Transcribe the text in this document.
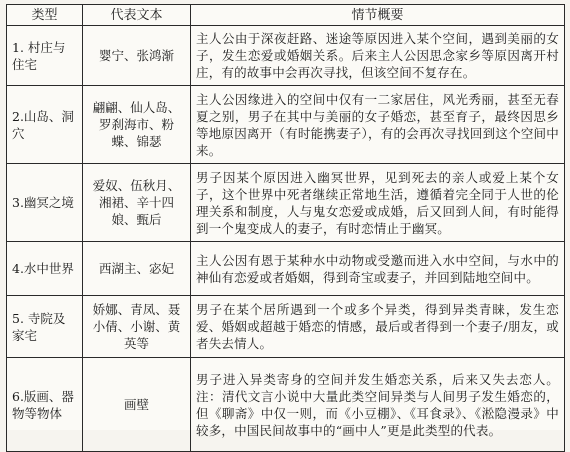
类型	代表文本	情节概要
1. 村庄与住宅	婴宁、张鸿渐	主人公由于深夜赶路、迷途等原因进入某个空间，遇到美丽的女子，发生恋爱或婚姻关系。后来主人公因思念家乡等原因离开村庄，有的故事中会再次寻找，但该空间不复存在。
2.山岛、洞穴	翩翩、仙人岛、罗刹海市、粉蝶、锦瑟	主人公因缘进入的空间中仅有一二家居住，风光秀丽，甚至无春夏之别，男子在其中与美丽的女子婚恋，甚至育子，最终因思乡等地原因离开（有时能携妻子），有的会再次寻找回到这个空间中来。
3.幽冥之境	爱奴、伍秋月、湘裙、辛十四娘、甄后	男子因某个原因进入幽冥世界，见到死去的亲人或爱上某个女子，这个世界中死者继续正常地生活，遵循着完全同于人世的伦理关系和制度，人与鬼女恋爱或成婚，后又回到人间，有时能得到一个鬼变成人的妻子，有时恋情止于幽冥。
4.水中世界	西湖主、宓妃	主人公因有恩于某种水中动物或受邀而进入水中空间，与水中的神仙有恋爱或者婚姻，得到奇宝或妻子，并回到陆地空间中。
5. 寺院及家宅	娇娜、青凤、聂小倩、小谢、黄英等	男子在某个居所遇到一个或多个异类，得到异类青睐，发生恋爱、婚姻或超越于婚恋的情感，最后或者得到一个妻子/朋友，或者失去情人。
6.版画、器物等物体	画壁	男子进入异类寄身的空间并发生婚恋关系，后来又失去恋人。注：清代文言小说中大量此类空间异类与人间男子发生婚恋的，但《聊斋》中仅一则，而《小豆棚》、《耳食录》、《淞隐漫录》中较多，中国民间故事中的“画中人”更是此类型的代表。
